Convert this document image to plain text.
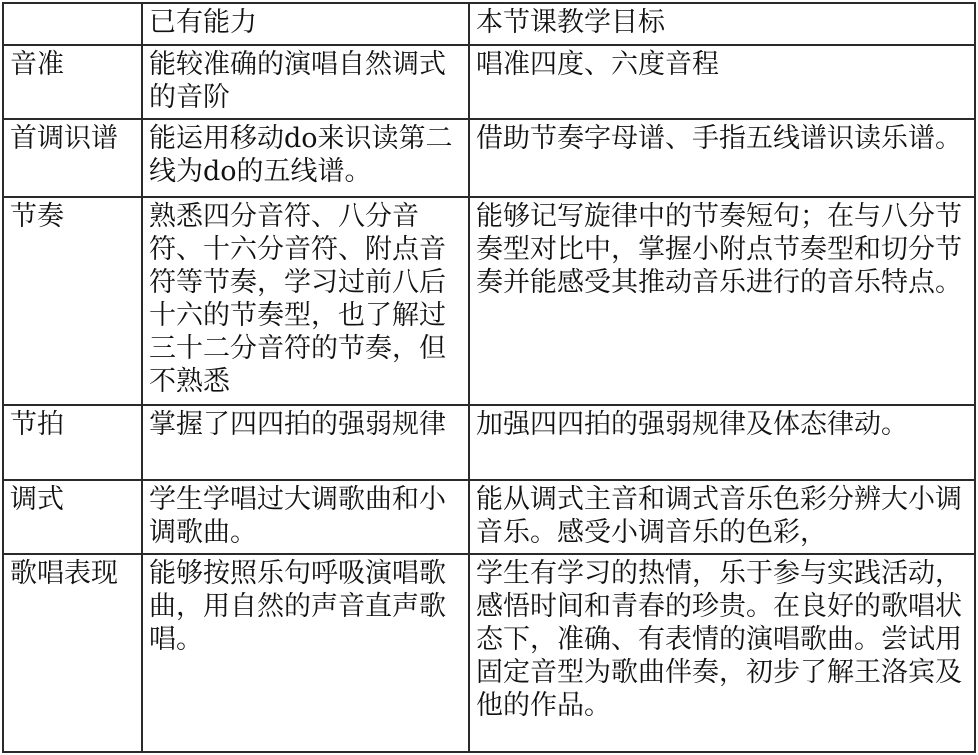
	已有能力	本节课教学目标
音准	能较准确的演唱自然调式的音阶	唱准四度、六度音程
首调识谱	能运用移动do来识读第二线为do的五线谱。	借助节奏字母谱、手指五线谱识读乐谱。
节奏	熟悉四分音符、八分音符、十六分音符、附点音符等节奏，学习过前八后十六的节奏型，也了解过三十二分音符的节奏，但不熟悉	能够记写旋律中的节奏短句；在与八分节奏型对比中，掌握小附点节奏型和切分节奏并能感受其推动音乐进行的音乐特点。
节拍	掌握了四四拍的强弱规律	加强四四拍的强弱规律及体态律动。
调式	学生学唱过大调歌曲和小调歌曲。	能从调式主音和调式音乐色彩分辨大小调音乐。感受小调音乐的色彩，
歌唱表现	能够按照乐句呼吸演唱歌曲，用自然的声音直声歌唱。	学生有学习的热情，乐于参与实践活动，感悟时间和青春的珍贵。在良好的歌唱状态下，准确、有表情的演唱歌曲。尝试用固定音型为歌曲伴奏，初步了解王洛宾及他的作品。
